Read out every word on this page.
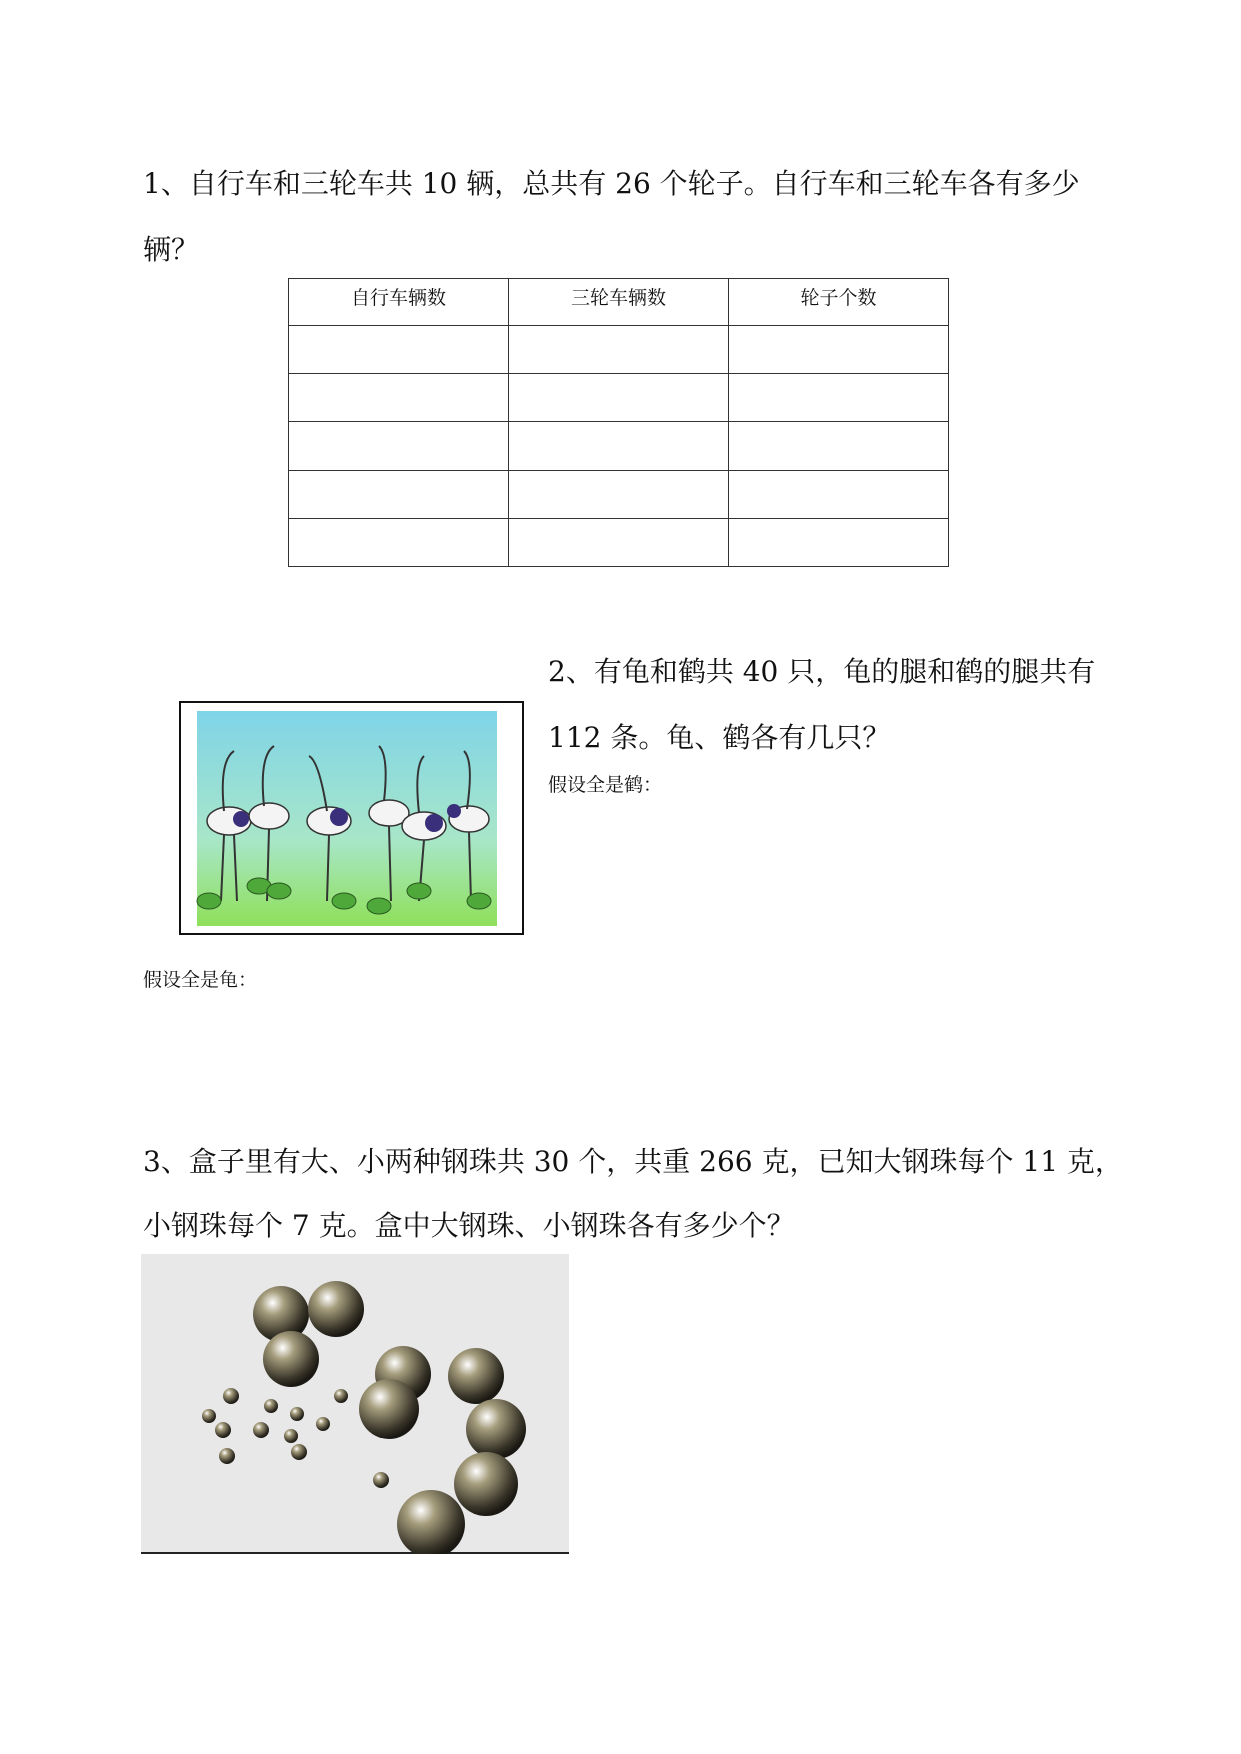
1、自行车和三轮车共 10 辆，总共有 26 个轮子。自行车和三轮车各有多少
辆？
自行车辆数	三轮车辆数	轮子个数

2、有龟和鹤共 40 只，龟的腿和鹤的腿共有
112 条。龟、鹤各有几只？
假设全是鹤：
假设全是龟：
3、盒子里有大、小两种钢珠共 30 个，共重 266 克，已知大钢珠每个 11 克，
小钢珠每个 7 克。盒中大钢珠、小钢珠各有多少个？
